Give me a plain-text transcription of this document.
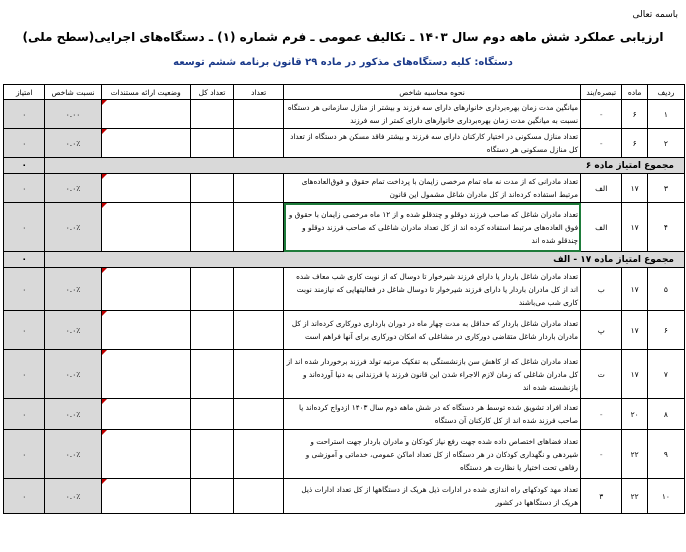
باسمه تعالی
ارزیابی عملکرد شش ماهه دوم سال ۱۴۰۳ ـ تکالیف عمومی ـ فرم شماره (۱) ـ دستگاه‌های اجرایی(سطح ملی)
دستگاه: کلیه دستگاه‌های مذکور در ماده ۲۹ قانون برنامه ششم توسعه
ردیف	ماده	تبصره/بند	نحوه محاسبه شاخص	تعداد	تعداد کل	وضعیت ارائه مستندات	نسبت شاخص	امتیاز
۱	۶	-	میانگین مدت زمان بهره‌برداری خانوارهای دارای سه فرزند و بیشتر از منازل سازمانی هر دستگاه نسبت به میانگین مدت زمان بهره‌برداری خانوارهای دارای کمتر از سه فرزند				۰.۰۰	۰
۲	۶	-	تعداد منازل مسکونی در اختیار کارکنان دارای سه فرزند و بیشتر فاقد مسکن هر دستگاه از تعداد کل منازل مسکونی هر دستگاه				۰.۰٪	۰
مجموع امتیاز ماده ۶								۰
۳	۱۷	الف	تعداد مادرانی که از مدت نه ماه تمام مرخصی زایمان با پرداخت تمام حقوق و فوق‌العاده‌های مرتبط استفاده کرده‌اند از کل مادران شاغل مشمول این قانون				۰.۰٪	۰
۴	۱۷	الف	تعداد مادران شاغل که صاحب فرزند دوقلو و چندقلو شده و از ۱۲ ماه مرخصی زایمان با حقوق و فوق العاده‌های مرتبط استفاده کرده اند از کل تعداد مادران شاغلی که صاحب فرزند دوقلو و چندقلو شده اند				۰.۰٪	۰
مجموع امتیاز ماده ۱۷ - الف								۰
۵	۱۷	ب	تعداد مادران شاغل باردار یا دارای فرزند شیرخوار تا دوسال که از نوبت کاری شب معاف شده اند از کل مادران باردار یا دارای فرزند شیرخوار تا دوسال شاغل در فعالیتهایی که نیازمند نوبت کاری شب می‌باشند				۰.۰٪	۰
۶	۱۷	پ	تعداد مادران شاغل باردار که حداقل به مدت چهار ماه در دوران بارداری دورکاری کرده‌اند از کل مادران باردار شاغل متقاضی دورکاری در مشاغلی که امکان دورکاری برای آنها فراهم است				۰.۰٪	۰
۷	۱۷	ت	تعداد مادران شاغل که از کاهش سن بازنشستگی به تفکیک مرتبه تولد فرزند برخوردار شده اند از کل مادران شاغلی که زمان لازم الاجراء شدن این قانون فرزند یا فرزندانی به دنیا آورده‌اند و بازنشسته شده اند				۰.۰٪	۰
۸	۲۰	-	تعداد افراد تشویق شده توسط هر دستگاه که در شش ماهه دوم سال ۱۴۰۳ ازدواج کرده‌اند یا صاحب فرزند شده اند از کل کارکنان آن دستگاه				۰.۰٪	۰
۹	۲۲	-	تعداد فضاهای اختصاص داده شده جهت رفع نیاز کودکان و مادران باردار جهت استراحت و شیردهی و نگهداری کودکان در هر دستگاه از کل تعداد اماکن عمومی، خدماتی و آموزشی و رفاهی تحت اختیار یا نظارت هر دستگاه				۰.۰٪	۰
۱۰	۲۲	۳	تعداد مهد کودکهای راه اندازی شده در ادارات ذیل هریک از دستگاهها از کل تعداد ادارات ذیل هریک از دستگاهها در کشور				۰.۰٪	۰
